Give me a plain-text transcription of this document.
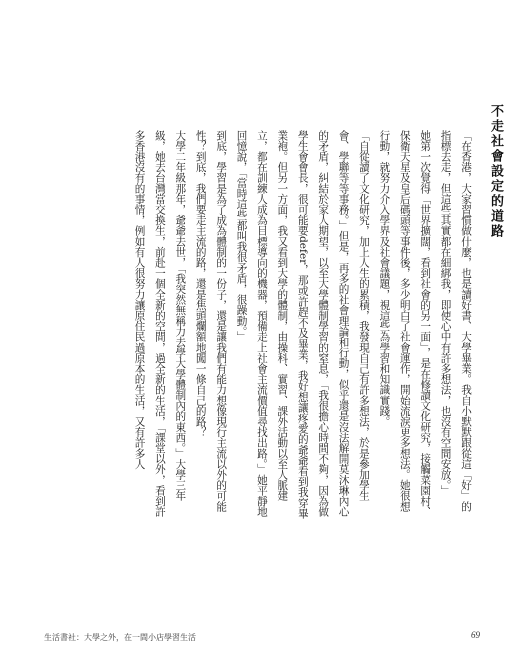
不走社會設定的道路

「在香港，大家習慣做什麼，也是讀好書、大學畢業。我自小默默跟從這「好」的指標去走，但這些其實都在細綁我，即使心中有許多想法，也沒有空間安放。」

她第一次覺得「世界擴闊，看到社會的另一面」，是在修讀文化研究，接觸菜園村、保衛天星及皇后碼頭等事件後，多少明白了社會運作，開始流淚更多想法。她很想行動，就努力介入學界及社會議題，視這些為學習和知識實踐。

「自從讀了文化研究，加上人生的累積，我發現自己有許多想法，於是參加學生會、學聯等等事務。」但是，再多的社會理論和行動，似乎還是沒法解開莫沐琳內心的矛盾，糾結於家人期望，以至大學體制學習的窒息，「我很擔心時間不夠，因為做學生會會長，很可能要defer，那或許趕不及畢業，我好想讓疼愛的爺爺看到我穿畢業袍。但另一方面，我又看到大學的體制，由操科、實習、課外活動以至人脈建立，都在訓練人成為目標導向的機器，預備走上社會主流價值尋找出路。」她平靜地回憶說，「當時這些都叫我很矛盾，很躁動。」

到底，學習是為了成為體制的一份子，還是讓我們有能力想像現行主流以外的可能性？到底，我們要走主流的路，還是焦頭爛額地闖一條自己的路？

大學二年級那年，爺爺去世，「我突然無稱力去學大學體制內的東西。」大學三年級，她去台灣當交換生，前赴一個全新的空間，過全新的生活，「課堂以外，看到許多香港沒有的事情，例如有人很努力讓原住民過原本的生活，又有許多人

生活書社：大學之外，在一間小店學習生活	69
